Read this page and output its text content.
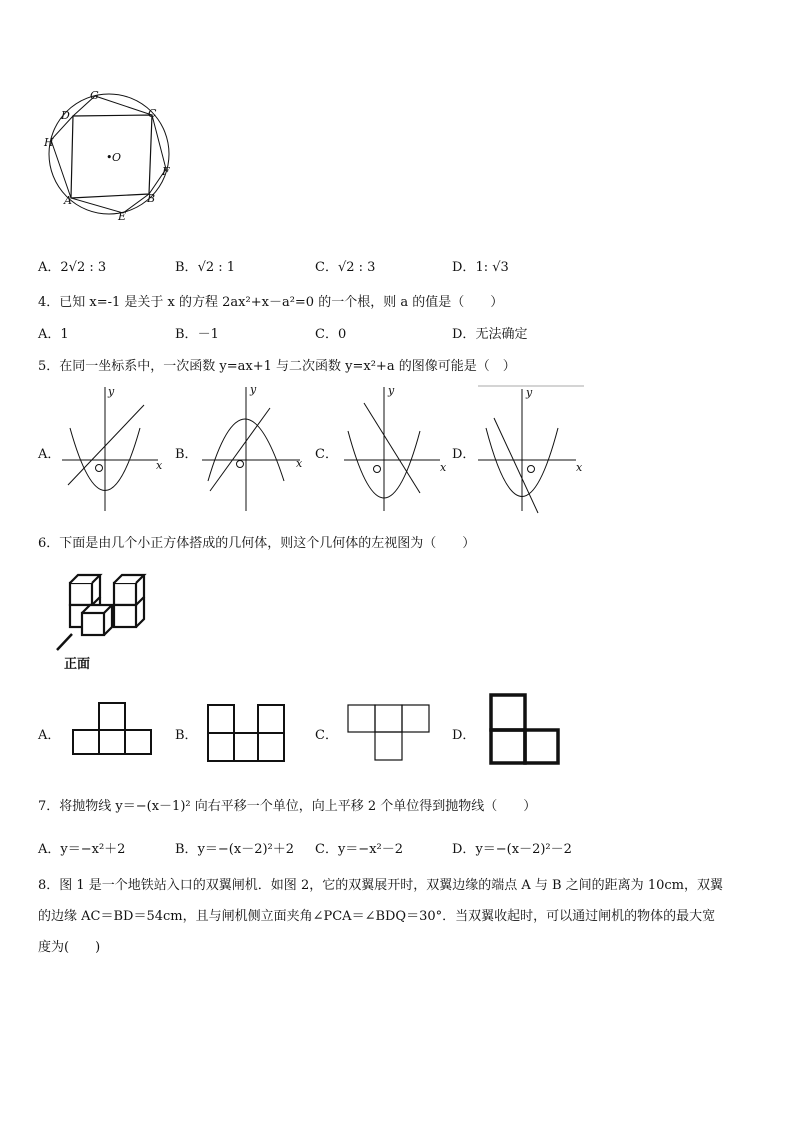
G
D	C
H
• O
F
A	B
E
A．2√2 : 3	B．√2 : 1	C．√2 : 3	D．1: √3
4．已知 x=-1 是关于 x 的方程 2ax²+x－a²=0 的一个根，则 a 的值是（　　）
A．1	B．－1	C．0	D．无法确定
5．在同一坐标系中，一次函数 y=ax+1 与二次函数 y=x²+a 的图像可能是（　）
A．
y
x
B．
y
x
C．
y
x
D．
y
x
6．下面是由几个小正方体搭成的几何体，则这个几何体的左视图为（　　）
正面
A．	B．	C．	D．
7．将抛物线 y＝−(x－1)² 向右平移一个单位，向上平移 2 个单位得到抛物线（　　）
A．y＝−x²＋2	B．y＝−(x－2)²＋2 C．y＝−x²－2	D．y＝−(x－2)²－2
8．图 1 是一个地铁站入口的双翼闸机．如图 2，它的双翼展开时，双翼边缘的端点 A 与 B 之间的距离为 10cm，双翼
的边缘 AC＝BD＝54cm，且与闸机侧立面夹角∠PCA＝∠BDQ＝30°．当双翼收起时，可以通过闸机的物体的最大宽
度为(　　)
